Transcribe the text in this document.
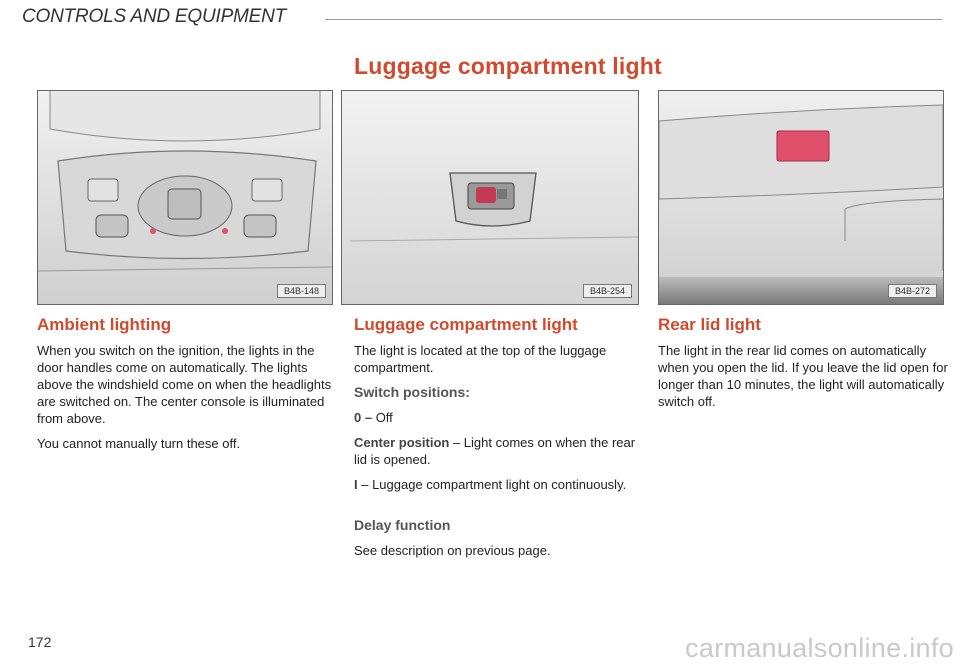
CONTROLS AND EQUIPMENT
Luggage compartment light
B4B-148	B4B-254	B4B-272
Ambient lighting

When you switch on the ignition, the lights in the door handles come on automatically. The lights above the windshield come on when the headlights are switched on. The center console is illuminated from above.

You cannot manually turn these off.

Luggage compartment light

The light is located at the top of the luggage compartment.

Switch positions:

0 – Off

Center position – Light comes on when the rear lid is opened.

I – Luggage compartment light on continuously.

Delay function

See description on previous page.

Rear lid light

The light in the rear lid comes on automatically when you open the lid. If you leave the lid open for longer than 10 minutes, the light will automatically switch off.

172	carmanualsonline.info
